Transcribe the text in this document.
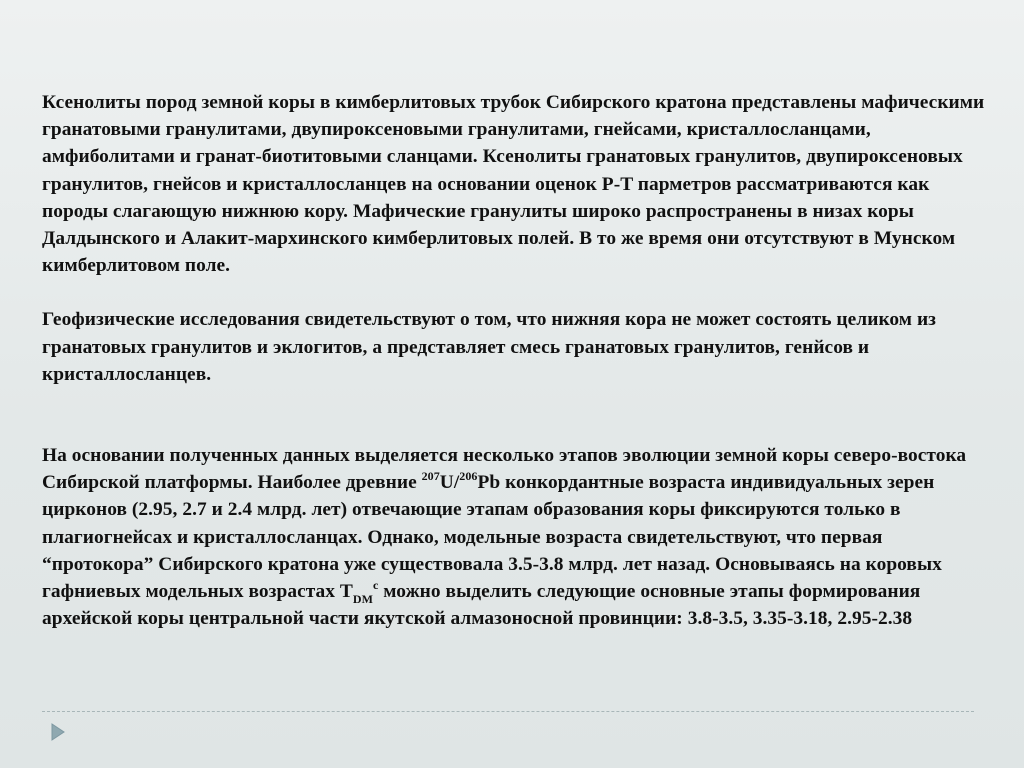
Ксенолиты пород земной коры в кимберлитовых трубок Сибирского кратона представлены мафическими гранатовыми гранулитами, двупироксеновыми гранулитами, гнейсами, кристаллосланцами, амфиболитами и гранат-биотитовыми сланцами. Ксенолиты гранатовых гранулитов, двупироксеновых гранулитов, гнейсов и кристаллосланцев на основании оценок P-T парметров рассматриваются как породы слагающую нижнюю кору. Мафические гранулиты широко распространены в низах коры Далдынского и Алакит-мархинского кимберлитовых полей. В то же время они отсутствуют в Мунском кимберлитовом поле.

Геофизические исследования свидетельствуют о том, что нижняя кора не может состоять целиком из гранатовых гранулитов и эклогитов, а представляет смесь гранатовых гранулитов, генйсов и кристаллосланцев.

На основании полученных данных выделяется несколько этапов эволюции земной коры северо-востока Сибирской платформы. Наиболее древние $^{207}$U/$^{206}$Pb конкордантные возраста индивидуальных зерен цирконов (2.95, 2.7 и 2.4 млрд. лет) отвечающие этапам образования коры фиксируются только в плагиогнейсах и кристаллосланцах. Однако, модельные возраста свидетельствуют, что первая “протокора” Сибирского кратона уже существовала 3.5-3.8 млрд. лет назад. Основываясь на коровых гафниевых модельных возрастах $T_{DM}^c$ можно выделить следующие основные этапы формирования архейской коры центральной части якутской алмазоносной провинции: 3.8-3.5, 3.35-3.18, 2.95-2.38
